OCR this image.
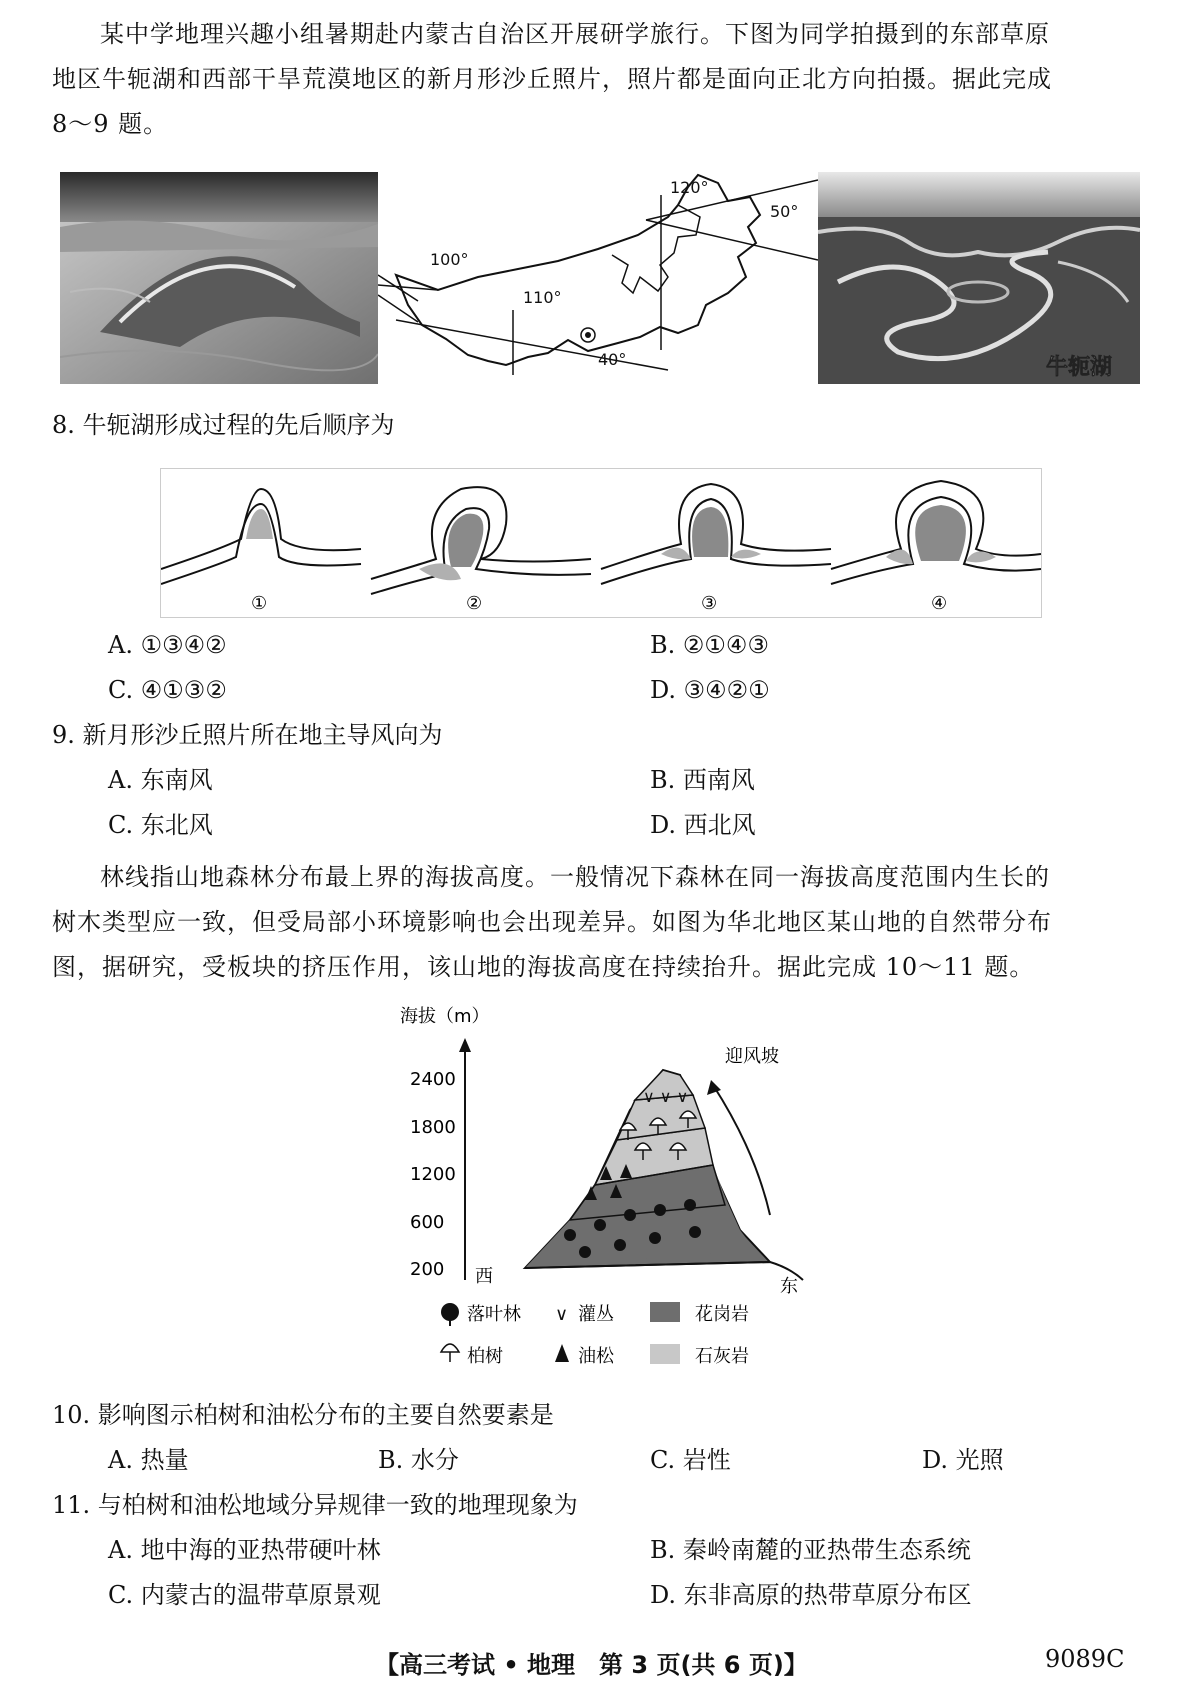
某中学地理兴趣小组暑期赴内蒙古自治区开展研学旅行。下图为同学拍摄到的东部草原
地区牛轭湖和西部干旱荒漠地区的新月形沙丘照片，照片都是面向正北方向拍摄。据此完成
8～9 题。
100°
110°
120°
50°
40°	牛轭湖
8. 牛轭湖形成过程的先后顺序为
①	②	③	④
A. ①③④②	B. ②①④③
C. ④①③②	D. ③④②①
9. 新月形沙丘照片所在地主导风向为
A. 东南风	B. 西南风
C. 东北风	D. 西北风
林线指山地森林分布最上界的海拔高度。一般情况下森林在同一海拔高度范围内生长的
树木类型应一致，但受局部小环境影响也会出现差异。如图为华北地区某山地的自然带分布
图，据研究，受板块的挤压作用，该山地的海拔高度在持续抬升。据此完成 10～11 题。
海拔（m）
2400
1800
1200
600
200 西	东
∨ ∨ ∨
迎风坡
落叶林 ∨ 灌丛	花岗岩
柏树	油松	石灰岩
10. 影响图示柏树和油松分布的主要自然要素是
A. 热量	B. 水分	C. 岩性	D. 光照
11. 与柏树和油松地域分异规律一致的地理现象为
A. 地中海的亚热带硬叶林	B. 秦岭南麓的亚热带生态系统
C. 内蒙古的温带草原景观	D. 东非高原的热带草原分布区
【高三考试 • 地理　第 3 页(共 6 页)】	9089C
